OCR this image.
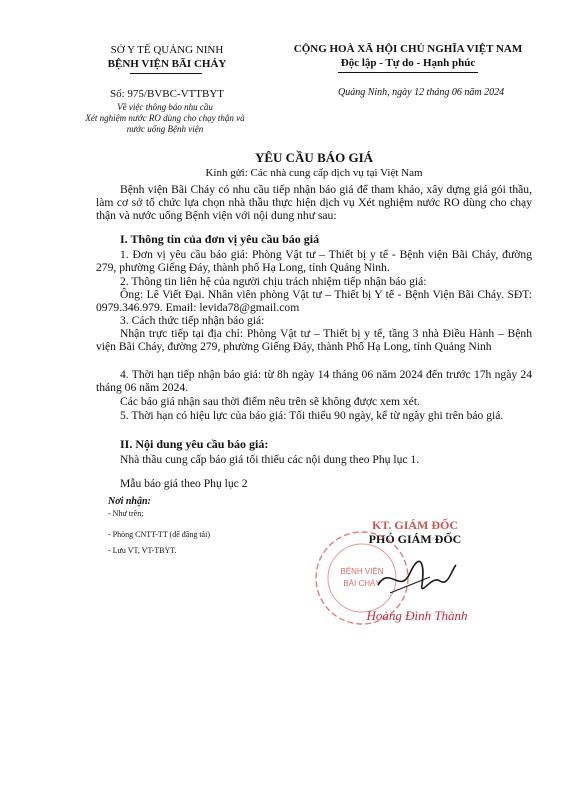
SỞ Y TẾ QUẢNG NINH
BỆNH VIỆN BÃI CHÁY
CỘNG HOÀ XÃ HỘI CHỦ NGHĨA VIỆT NAM
Độc lập - Tự do - Hạnh phúc
Số: 975/BVBC-VTTBYT
Về việc thông báo nhu cầu
Xét nghiệm nước RO dùng cho chạy thận và
nước uống Bệnh viện
Quảng Ninh, ngày 12 tháng 06 năm 2024
YÊU CẦU BÁO GIÁ
Kính gửi: Các nhà cung cấp dịch vụ tại Việt Nam
Bệnh viện Bãi Cháy có nhu cầu tiếp nhận báo giá để tham khảo, xây dựng giá gói thầu, làm cơ sở tổ chức lựa chọn nhà thầu thực hiện dịch vụ Xét nghiệm nước RO dùng cho chạy thận và nước uống Bệnh viện với nội dung như sau:
I. Thông tin của đơn vị yêu cầu báo giá
1. Đơn vị yêu cầu báo giá: Phòng Vật tư – Thiết bị y tế - Bệnh viện Bãi Cháy, đường 279, phường Giếng Đáy, thành phố Hạ Long, tỉnh Quảng Ninh.
2. Thông tin liên hệ của người chịu trách nhiệm tiếp nhận báo giá:
Ông: Lê Viết Đại. Nhân viên phòng Vật tư – Thiết bị Y tế - Bệnh Viện Bãi Cháy. SĐT: 0979.346.979. Email: levida78@gmail.com
3. Cách thức tiếp nhận báo giá:
Nhận trực tiếp tại địa chỉ: Phòng Vật tư – Thiết bị y tế, tầng 3 nhà Điều Hành – Bệnh viện Bãi Cháy, đường 279, phường Giếng Đáy, thành Phố Hạ Long, tỉnh Quảng Ninh
4. Thời hạn tiếp nhận báo giá: từ 8h ngày 14 tháng 06 năm 2024 đến trước 17h ngày 24 tháng 06 năm 2024.
Các báo giá nhận sau thời điểm nêu trên sẽ không được xem xét.
5. Thời hạn có hiệu lực của báo giá: Tối thiểu 90 ngày, kể từ ngày ghi trên báo giá.
II. Nội dung yêu cầu báo giá:
Nhà thầu cung cấp báo giá tối thiểu các nội dung theo Phụ lục 1.
Mẫu báo giá theo Phụ lục 2
Nơi nhận:
- Như trên;
- Phòng CNTT-TT (để đăng tải)
- Lưu VT, VT-TBYT.
KT. GIÁM ĐỐC
PHÓ GIÁM ĐỐC
BỆNH VIỆN
BÃI CHÁY
Hoàng Đình Thành
